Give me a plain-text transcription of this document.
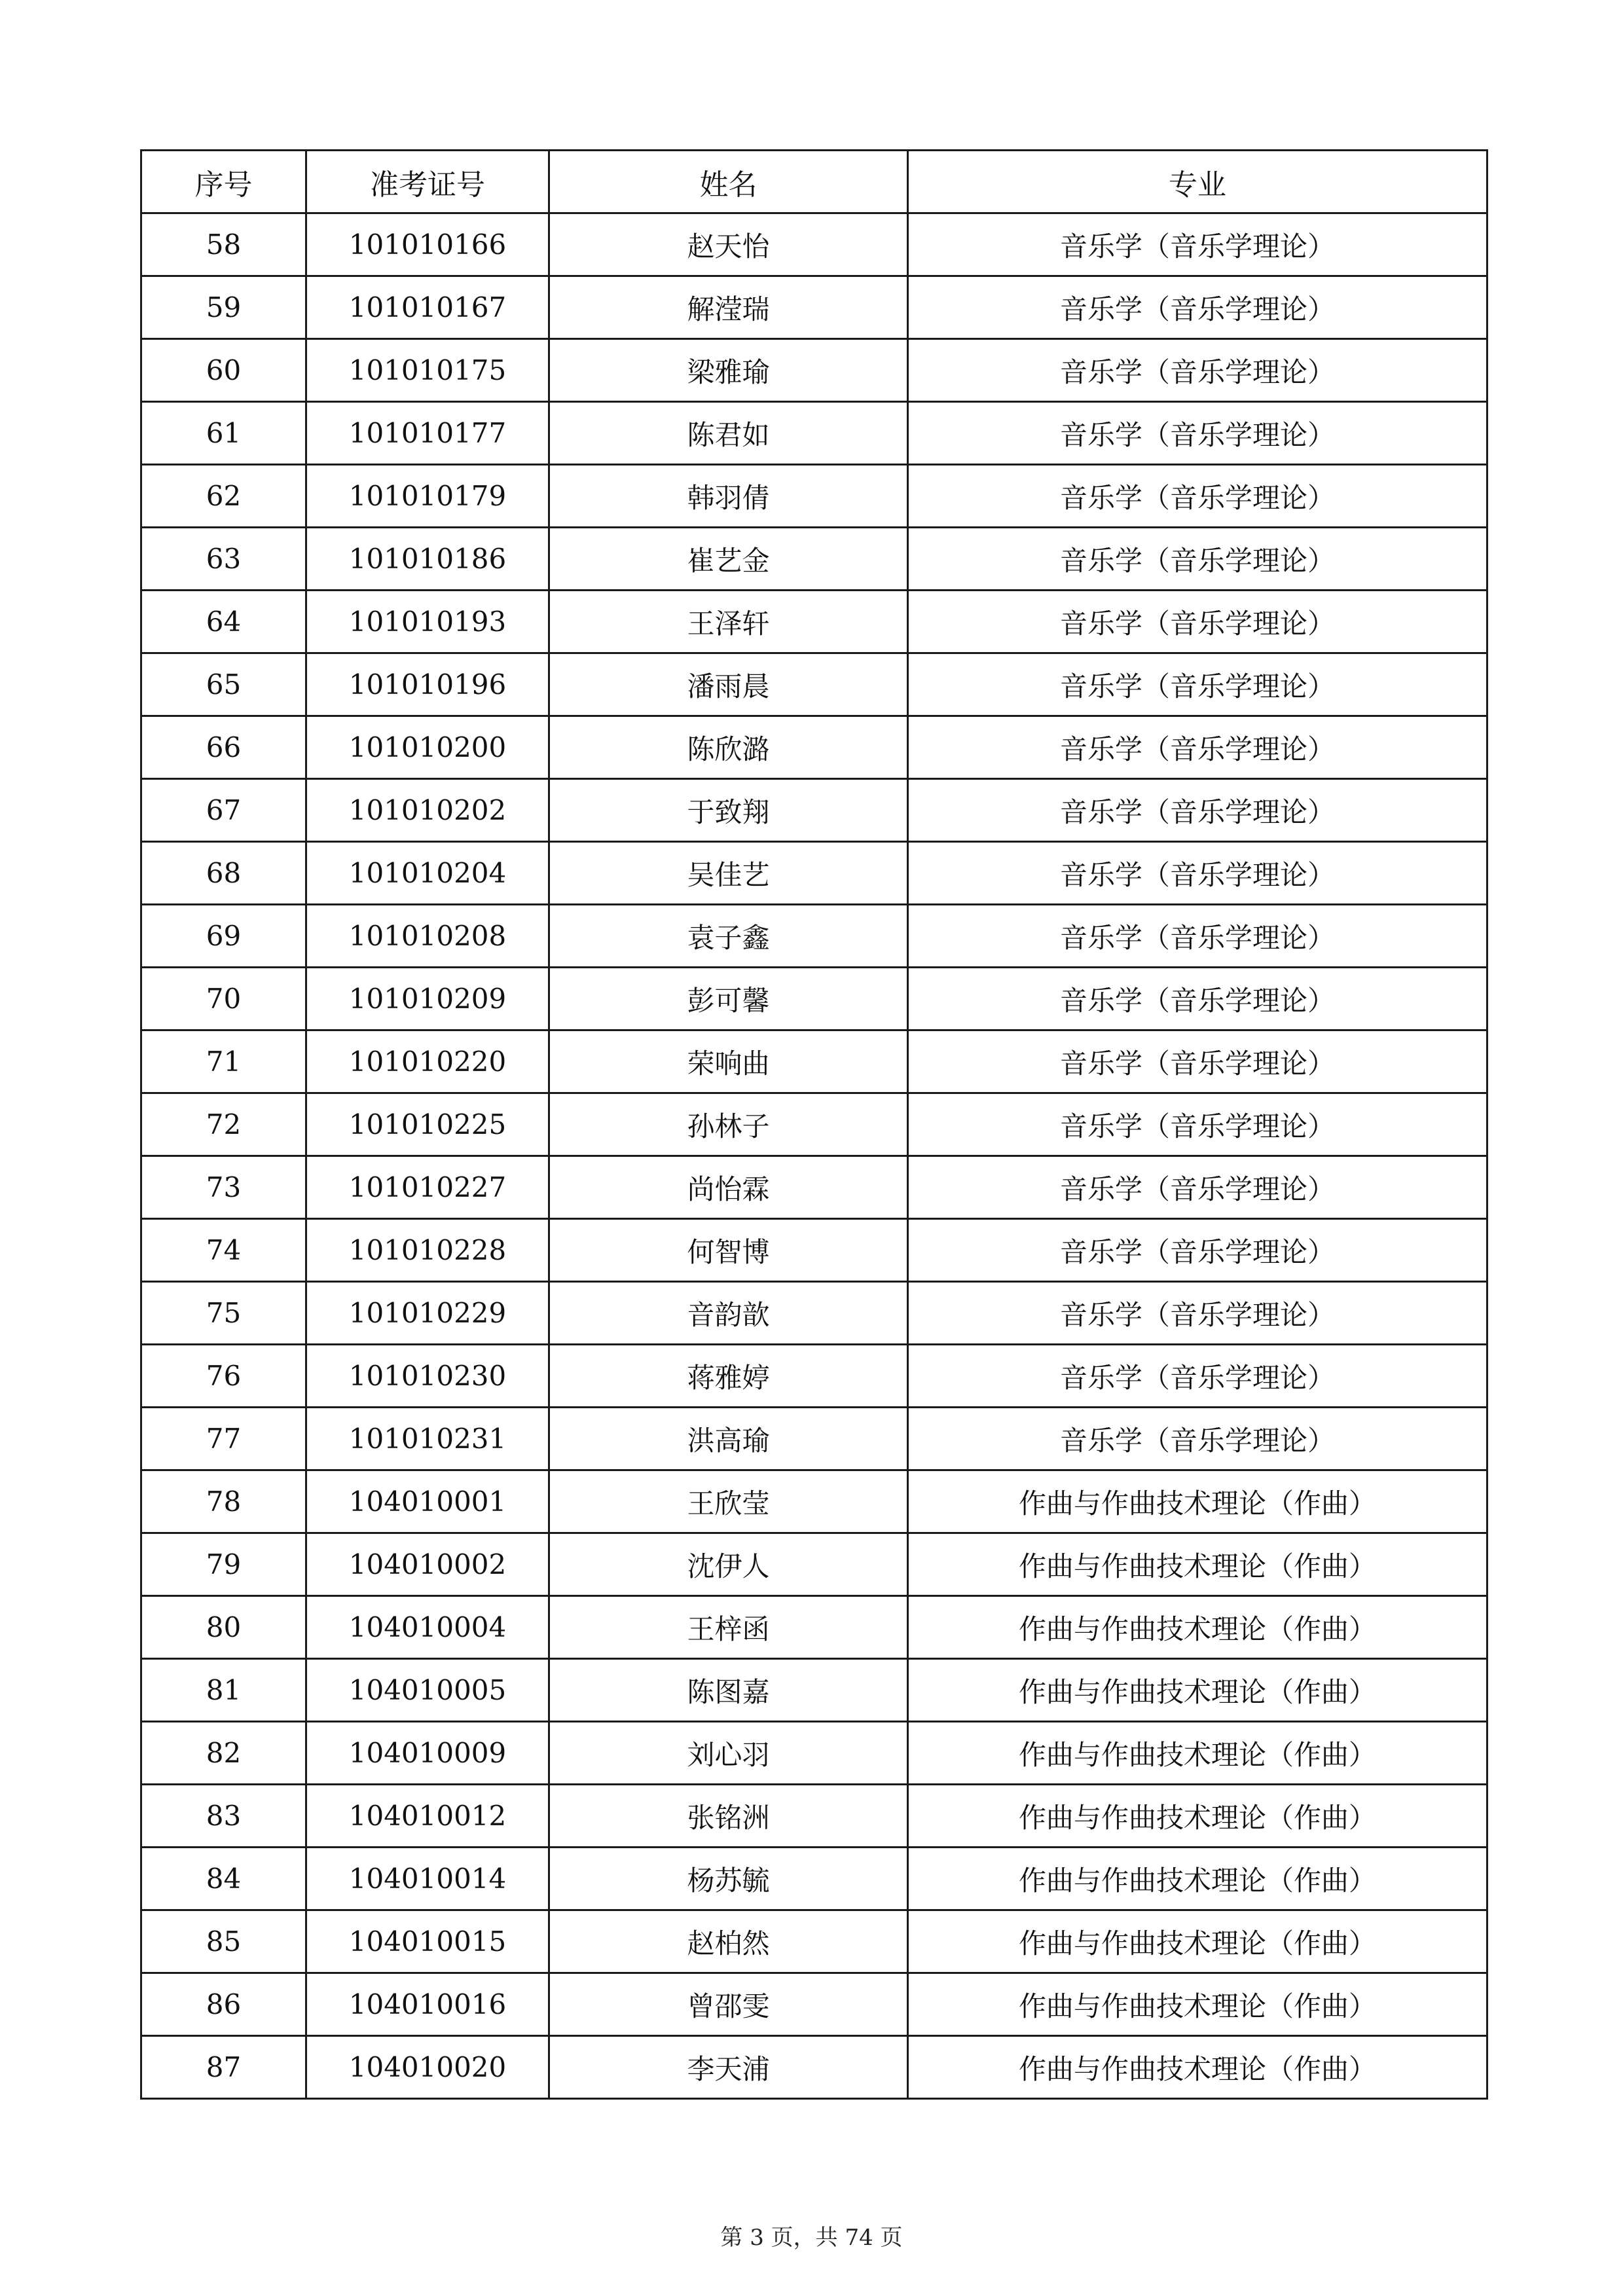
序号	准考证号	姓名	专业
58	101010166	赵天怡	音乐学（音乐学理论）
59	101010167	解滢瑞	音乐学（音乐学理论）
60	101010175	梁雅瑜	音乐学（音乐学理论）
61	101010177	陈君如	音乐学（音乐学理论）
62	101010179	韩羽倩	音乐学（音乐学理论）
63	101010186	崔艺金	音乐学（音乐学理论）
64	101010193	王泽轩	音乐学（音乐学理论）
65	101010196	潘雨晨	音乐学（音乐学理论）
66	101010200	陈欣潞	音乐学（音乐学理论）
67	101010202	于致翔	音乐学（音乐学理论）
68	101010204	吴佳艺	音乐学（音乐学理论）
69	101010208	袁子鑫	音乐学（音乐学理论）
70	101010209	彭可馨	音乐学（音乐学理论）
71	101010220	荣响曲	音乐学（音乐学理论）
72	101010225	孙林子	音乐学（音乐学理论）
73	101010227	尚怡霖	音乐学（音乐学理论）
74	101010228	何智博	音乐学（音乐学理论）
75	101010229	音韵歆	音乐学（音乐学理论）
76	101010230	蒋雅婷	音乐学（音乐学理论）
77	101010231	洪高瑜	音乐学（音乐学理论）
78	104010001	王欣莹	作曲与作曲技术理论（作曲）
79	104010002	沈伊人	作曲与作曲技术理论（作曲）
80	104010004	王梓函	作曲与作曲技术理论（作曲）
81	104010005	陈图嘉	作曲与作曲技术理论（作曲）
82	104010009	刘心羽	作曲与作曲技术理论（作曲）
83	104010012	张铭洲	作曲与作曲技术理论（作曲）
84	104010014	杨苏毓	作曲与作曲技术理论（作曲）
85	104010015	赵柏然	作曲与作曲技术理论（作曲）
86	104010016	曾邵雯	作曲与作曲技术理论（作曲）
87	104010020	李天浦	作曲与作曲技术理论（作曲）
第 3 页，共 74 页
